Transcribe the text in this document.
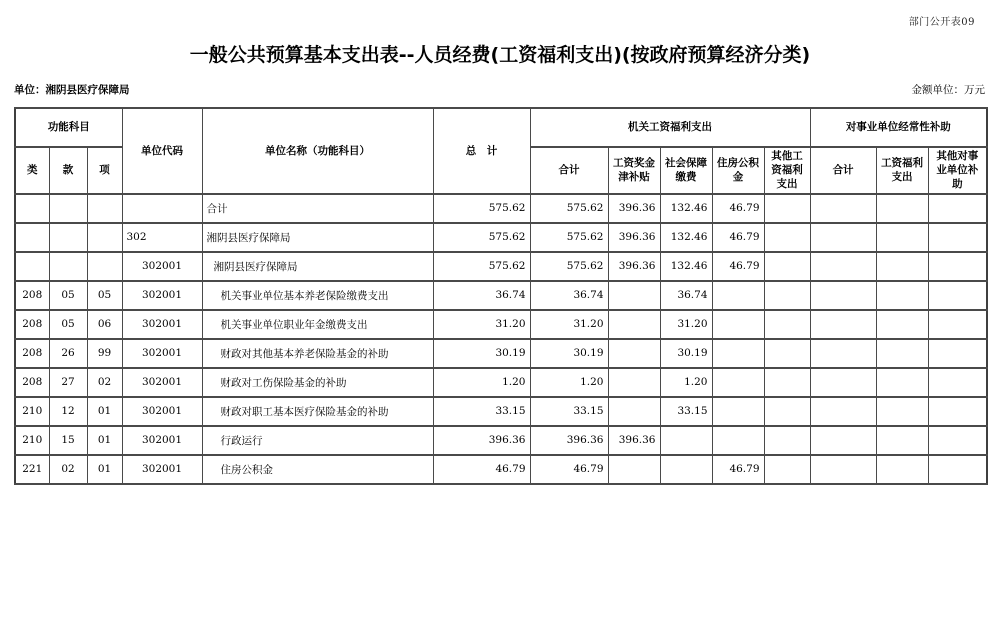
部门公开表09
一般公共预算基本支出表--人员经费(工资福利支出)(按政府预算经济分类)
单位：湘阴县医疗保障局	金额单位：万元
功能科目			单位代码	单位名称（功能科目）	总　计	机关工资福利支出					对事业单位经常性补助		
类	款	项				合计	工资奖金津补贴	社会保障缴费	住房公积金	其他工资福利支出	合计	工资福利支出	其他对事业单位补助
				合计	575.62	575.62	396.36	132.46	46.79				
			302	湘阴县医疗保障局	575.62	575.62	396.36	132.46	46.79				
			302001	湘阴县医疗保障局	575.62	575.62	396.36	132.46	46.79				
208	05	05	302001	机关事业单位基本养老保险缴费支出	36.74	36.74		36.74					
208	05	06	302001	机关事业单位职业年金缴费支出	31.20	31.20		31.20					
208	26	99	302001	财政对其他基本养老保险基金的补助	30.19	30.19		30.19					
208	27	02	302001	财政对工伤保险基金的补助	1.20	1.20		1.20					
210	12	01	302001	财政对职工基本医疗保险基金的补助	33.15	33.15		33.15					
210	15	01	302001	行政运行	396.36	396.36	396.36						
221	02	01	302001	住房公积金	46.79	46.79			46.79				
